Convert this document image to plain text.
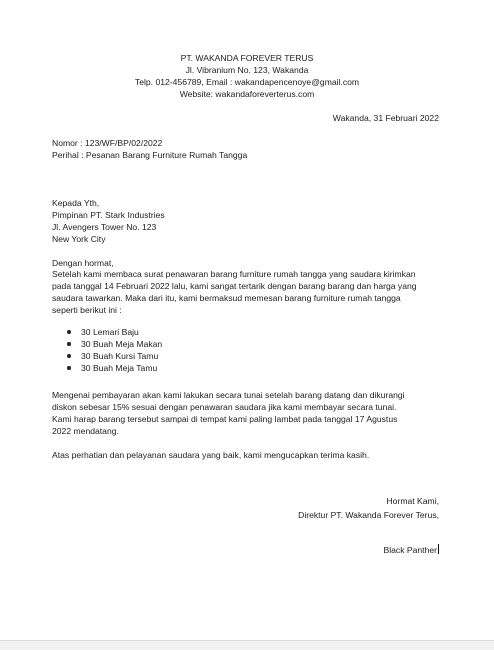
PT. WAKANDA FOREVER TERUS
Jl. Vibranium No. 123, Wakanda
Telp. 012-456789, Email : wakandapencenoye@gmail.com
Website: wakandaforeverterus.com
Wakanda, 31 Februari 2022
Nomor : 123/WF/BP/02/2022
Perihal : Pesanan Barang Furniture Rumah Tangga
Kepada Yth,
Pimpinan PT. Stark Industries
Jl. Avengers Tower No. 123
New York City
Dengan hormat,
Setelah kami membaca surat penawaran barang furniture rumah tangga yang saudara kirimkan
pada tanggal 14 Februari 2022 lalu, kami sangat tertarik dengan barang barang dan harga yang
saudara tawarkan. Maka dari itu, kami bermaksud memesan barang furniture rumah tangga
seperti berikut ini :
30 Lemari Baju
30 Buah Meja Makan
30 Buah Kursi Tamu
30 Buah Meja Tamu
Mengenai pembayaran akan kami lakukan secara tunai setelah barang datang dan dikurangi
diskon sebesar 15% sesuai dengan penawaran saudara jika kami membayar secara tunai.
Kami harap barang tersebut sampai di tempat kami paling lambat pada tanggal 17 Agustus
2022 mendatang.
Atas perhatian dan pelayanan saudara yang baik, kami mengucapkan terima kasih.
Hormat Kami,
Direktur PT. Wakanda Forever Terus,
Black Panther
